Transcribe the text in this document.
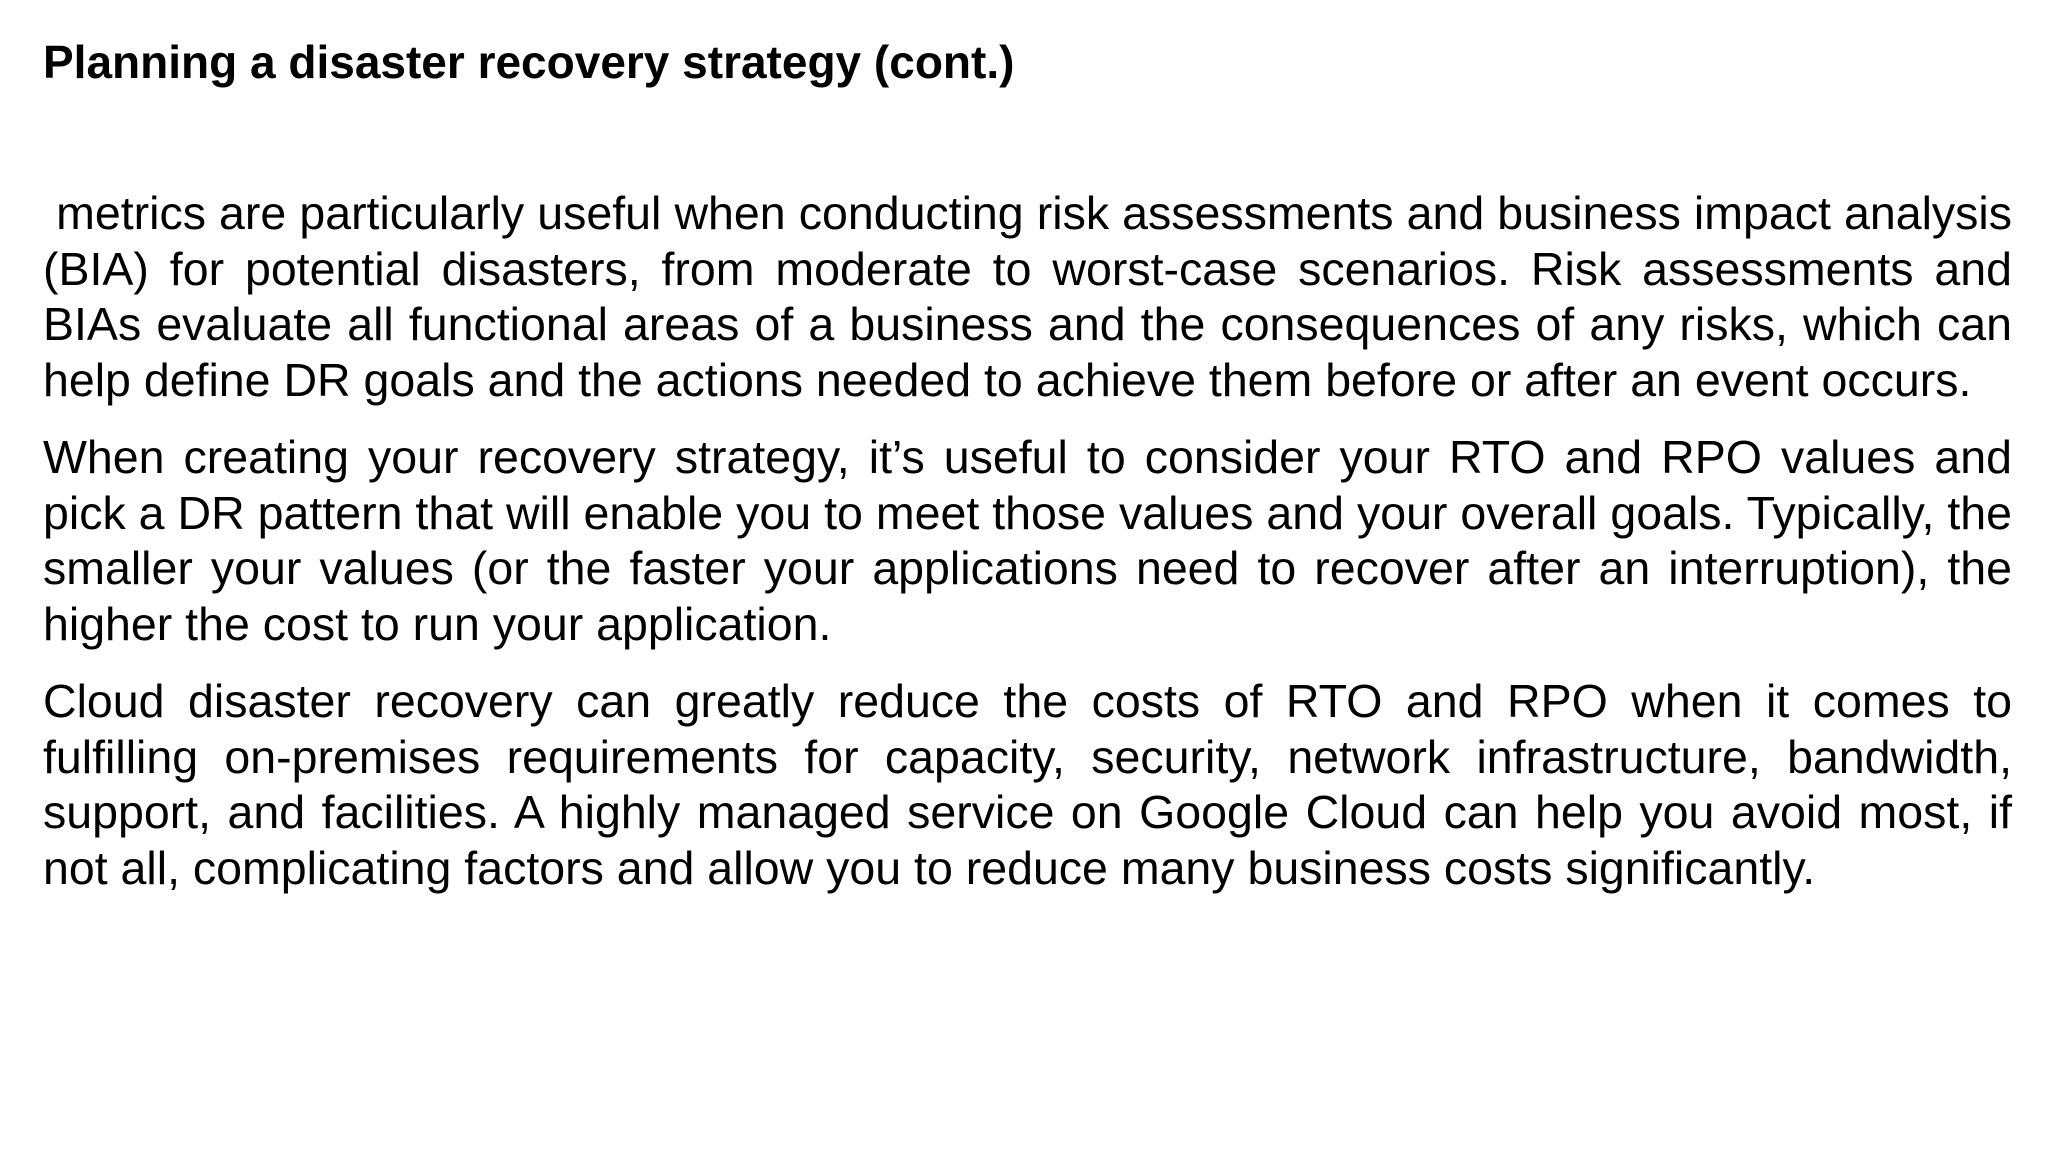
Planning a disaster recovery strategy (cont.)

metrics are particularly useful when conducting risk assessments and business impact analysis (BIA) for potential disasters, from moderate to worst-case scenarios. Risk assessments and BIAs evaluate all functional areas of a business and the consequences of any risks, which can help define DR goals and the actions needed to achieve them before or after an event occurs.

When creating your recovery strategy, it’s useful to consider your RTO and RPO values and pick a DR pattern that will enable you to meet those values and your overall goals. Typically, the smaller your values (or the faster your applications need to recover after an interruption), the higher the cost to run your application.

Cloud disaster recovery can greatly reduce the costs of RTO and RPO when it comes to fulfilling on-premises requirements for capacity, security, network infrastructure, bandwidth, support, and facilities. A highly managed service on Google Cloud can help you avoid most, if not all, complicating factors and allow you to reduce many business costs significantly.
